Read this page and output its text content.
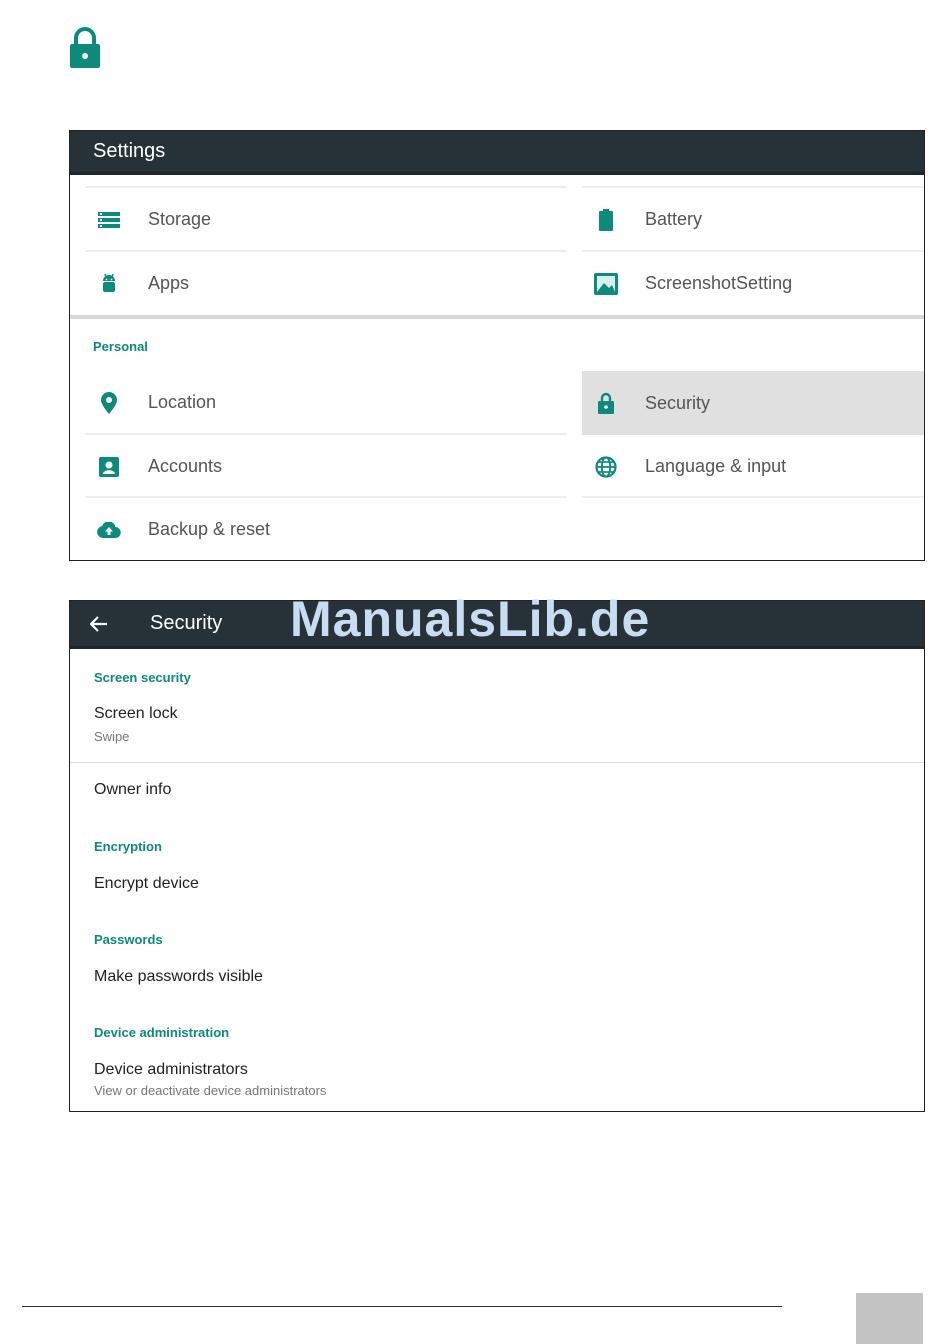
Settings
Storage	Battery
Apps	ScreenshotSetting
Personal
Location	Security
Accounts	Language & input
Backup & reset
Security
Screen security
Screen lock
Swipe
Owner info
Encryption
Encrypt device
Passwords
Make passwords visible
Device administration
Device administrators
View or deactivate device administrators
ManualsLib.de
